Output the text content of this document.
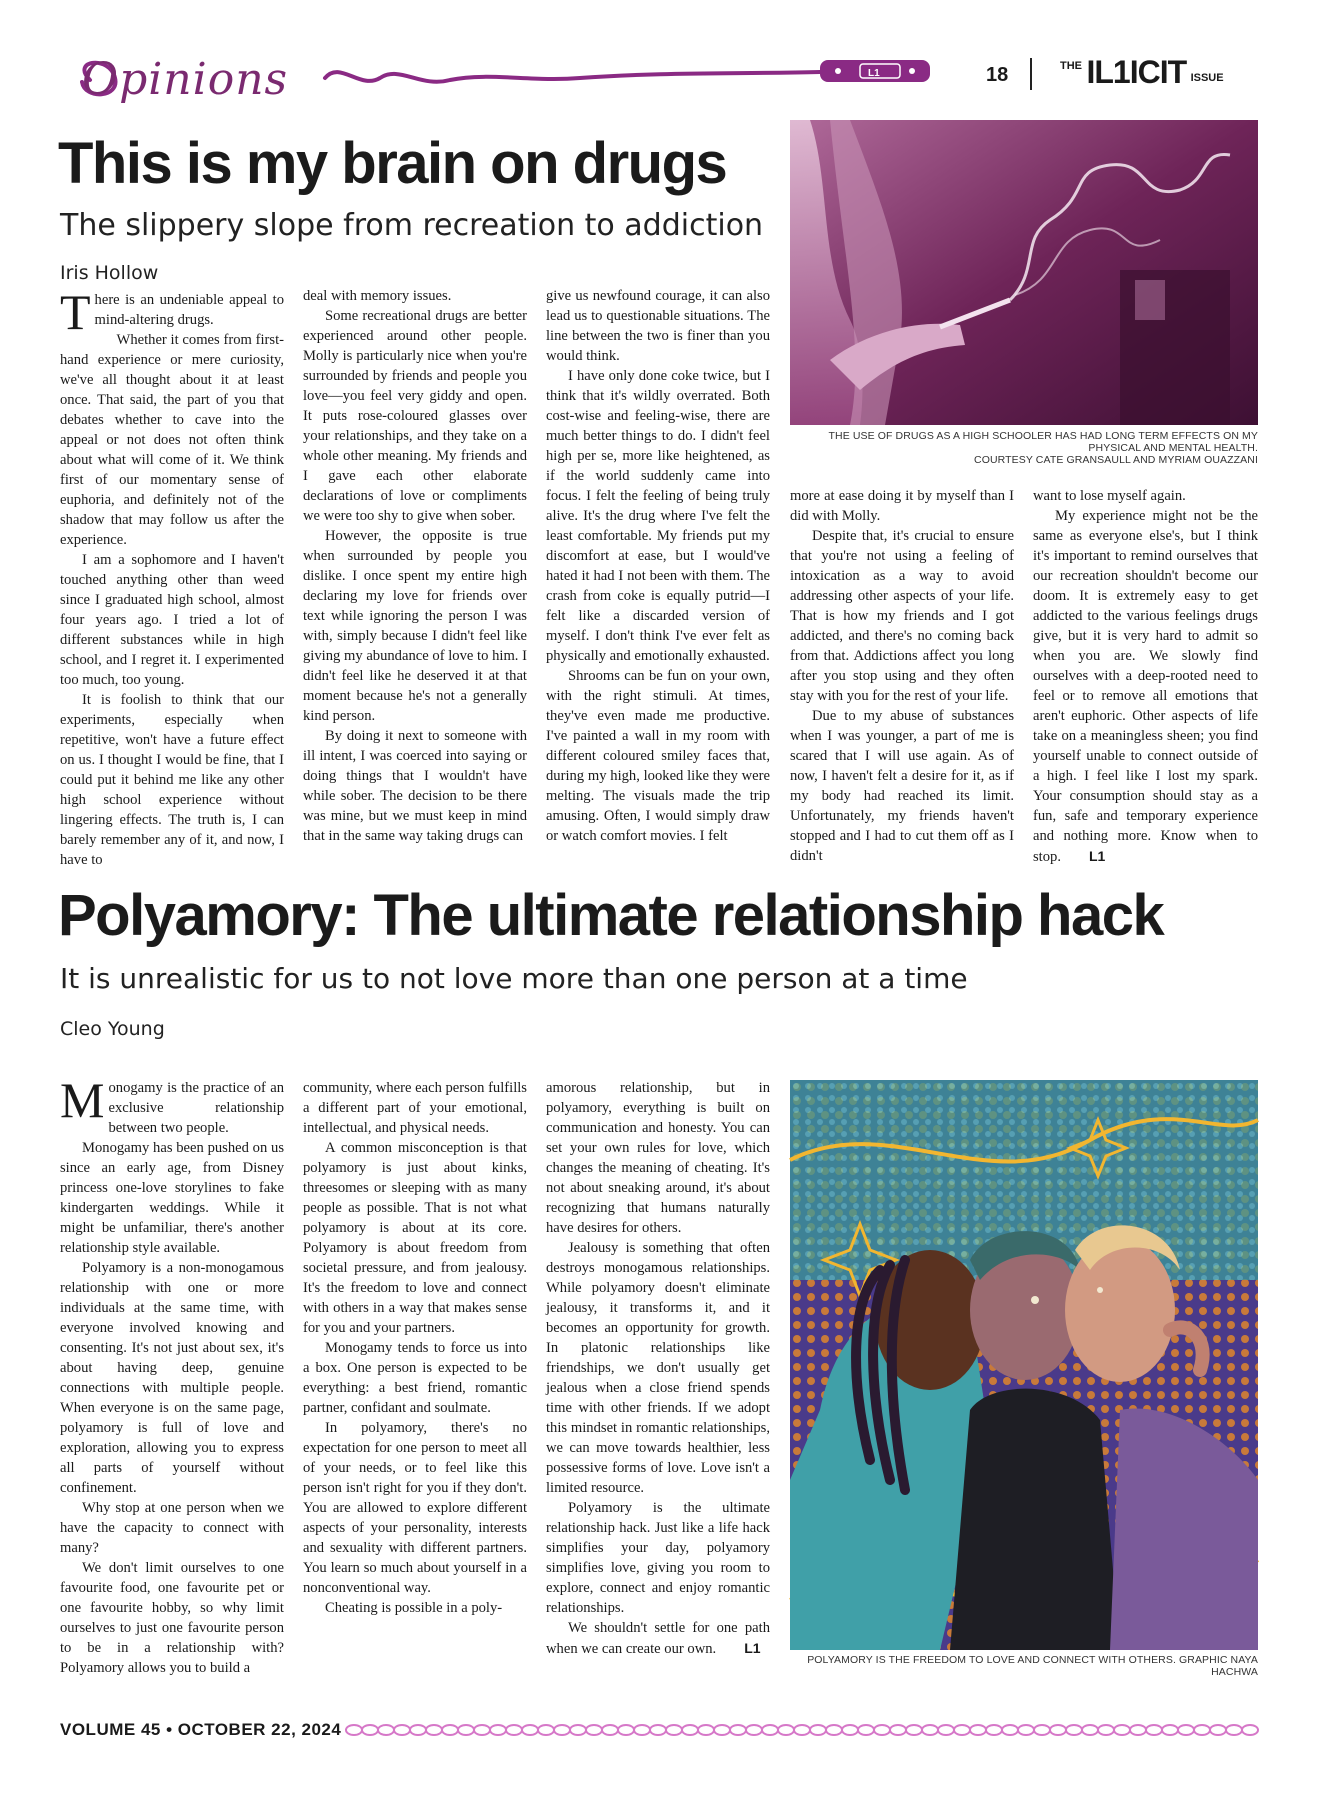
L1
Opinions	18	$^{THE}$ IL1ICIT ISSUE
This is my brain on drugs
The slippery slope from recreation to addiction
Iris Hollow
THE USE OF DRUGS AS A HIGH SCHOOLER HAS HAD LONG TERM EFFECTS ON MY PHYSICAL AND MENTAL HEALTH.
COURTESY CATE GRANSAULL AND MYRIAM OUAZZANI
T here is an undeniable appeal to mind-altering drugs.

Whether it comes from first-hand experience or mere curiosity, we've all thought about it at least once. That said, the part of you that debates whether to cave into the appeal or not does not often think about what will come of it. We think first of our momentary sense of euphoria, and definitely not of the shadow that may follow us after the experience.

I am a sophomore and I haven't touched anything other than weed since I graduated high school, almost four years ago. I tried a lot of different substances while in high school, and I regret it. I experimented too much, too young.

It is foolish to think that our experiments, especially when repetitive, won't have a future effect on us. I thought I would be fine, that I could put it behind me like any other high school experience without lingering effects. The truth is, I can barely remember any of it, and now, I have to

deal with memory issues.

Some recreational drugs are better experienced around other people. Molly is particularly nice when you're surrounded by friends and people you love—you feel very giddy and open. It puts rose-coloured glasses over your relationships, and they take on a whole other meaning. My friends and I gave each other elaborate declarations of love or compliments we were too shy to give when sober.

However, the opposite is true when surrounded by people you dislike. I once spent my entire high declaring my love for friends over text while ignoring the person I was with, simply because I didn't feel like giving my abundance of love to him. I didn't feel like he deserved it at that moment because he's not a generally kind person.

By doing it next to someone with ill intent, I was coerced into saying or doing things that I wouldn't have while sober. The decision to be there was mine, but we must keep in mind that in the same way taking drugs can

give us newfound courage, it can also lead us to questionable situations. The line between the two is finer than you would think.

I have only done coke twice, but I think that it's wildly overrated. Both cost-wise and feeling-wise, there are much better things to do. I didn't feel high per se, more like heightened, as if the world suddenly came into focus. I felt the feeling of being truly alive. It's the drug where I've felt the least comfortable. My friends put my discomfort at ease, but I would've hated it had I not been with them. The crash from coke is equally putrid—I felt like a discarded version of myself. I don't think I've ever felt as physically and emotionally exhausted.

Shrooms can be fun on your own, with the right stimuli. At times, they've even made me productive. I've painted a wall in my room with different coloured smiley faces that, during my high, looked like they were melting. The visuals made the trip amusing. Often, I would simply draw or watch comfort movies. I felt

more at ease doing it by myself than I did with Molly.

Despite that, it's crucial to ensure that you're not using a feeling of intoxication as a way to avoid addressing other aspects of your life. That is how my friends and I got addicted, and there's no coming back from that. Addictions affect you long after you stop using and they often stay with you for the rest of your life.

Due to my abuse of substances when I was younger, a part of me is scared that I will use again. As of now, I haven't felt a desire for it, as if my body had reached its limit. Unfortunately, my friends haven't stopped and I had to cut them off as I didn't

want to lose myself again.

My experience might not be the same as everyone else's, but I think it's important to remind ourselves that our recreation shouldn't become our doom. It is extremely easy to get addicted to the various feelings drugs give, but it is very hard to admit so when you are. We slowly find ourselves with a deep-rooted need to feel or to remove all emotions that aren't euphoric. Other aspects of life take on a meaningless sheen; you find yourself unable to connect outside of a high. I feel like I lost my spark. Your consumption should stay as a fun, safe and temporary experience and nothing more. Know when to stop. L1

Polyamory: The ultimate relationship hack
It is unrealistic for us to not love more than one person at a time
Cleo Young
M onogamy is the practice of an exclusive relationship between two people.

Monogamy has been pushed on us since an early age, from Disney princess one-love storylines to fake kindergarten weddings. While it might be unfamiliar, there's another relationship style available.

Polyamory is a non-monogamous relationship with one or more individuals at the same time, with everyone involved knowing and consenting. It's not just about sex, it's about having deep, genuine connections with multiple people. When everyone is on the same page, polyamory is full of love and exploration, allowing you to express all parts of yourself without confinement.

Why stop at one person when we have the capacity to connect with many?

We don't limit ourselves to one favourite food, one favourite pet or one favourite hobby, so why limit ourselves to just one favourite person to be in a relationship with? Polyamory allows you to build a

community, where each person fulfills a different part of your emotional, intellectual, and physical needs.

A common misconception is that polyamory is just about kinks, threesomes or sleeping with as many people as possible. That is not what polyamory is about at its core. Polyamory is about freedom from societal pressure, and from jealousy. It's the freedom to love and connect with others in a way that makes sense for you and your partners.

Monogamy tends to force us into a box. One person is expected to be everything: a best friend, romantic partner, confidant and soulmate.

In polyamory, there's no expectation for one person to meet all of your needs, or to feel like this person isn't right for you if they don't. You are allowed to explore different aspects of your personality, interests and sexuality with different partners. You learn so much about yourself in a nonconventional way.

Cheating is possible in a poly-

amorous relationship, but in polyamory, everything is built on communication and honesty. You can set your own rules for love, which changes the meaning of cheating. It's not about sneaking around, it's about recognizing that humans naturally have desires for others.

Jealousy is something that often destroys monogamous relationships. While polyamory doesn't eliminate jealousy, it transforms it, and it becomes an opportunity for growth. In platonic relationships like friendships, we don't usually get jealous when a close friend spends time with other friends. If we adopt this mindset in romantic relationships, we can move towards healthier, less possessive forms of love. Love isn't a limited resource.

Polyamory is the ultimate relationship hack. Just like a life hack simplifies your day, polyamory simplifies love, giving you room to explore, connect and enjoy romantic relationships.

We shouldn't settle for one path when we can create our own. L1

POLYAMORY IS THE FREEDOM TO LOVE AND CONNECT WITH OTHERS. GRAPHIC NAYA HACHWA
VOLUME 45 • OCTOBER 22, 2024
